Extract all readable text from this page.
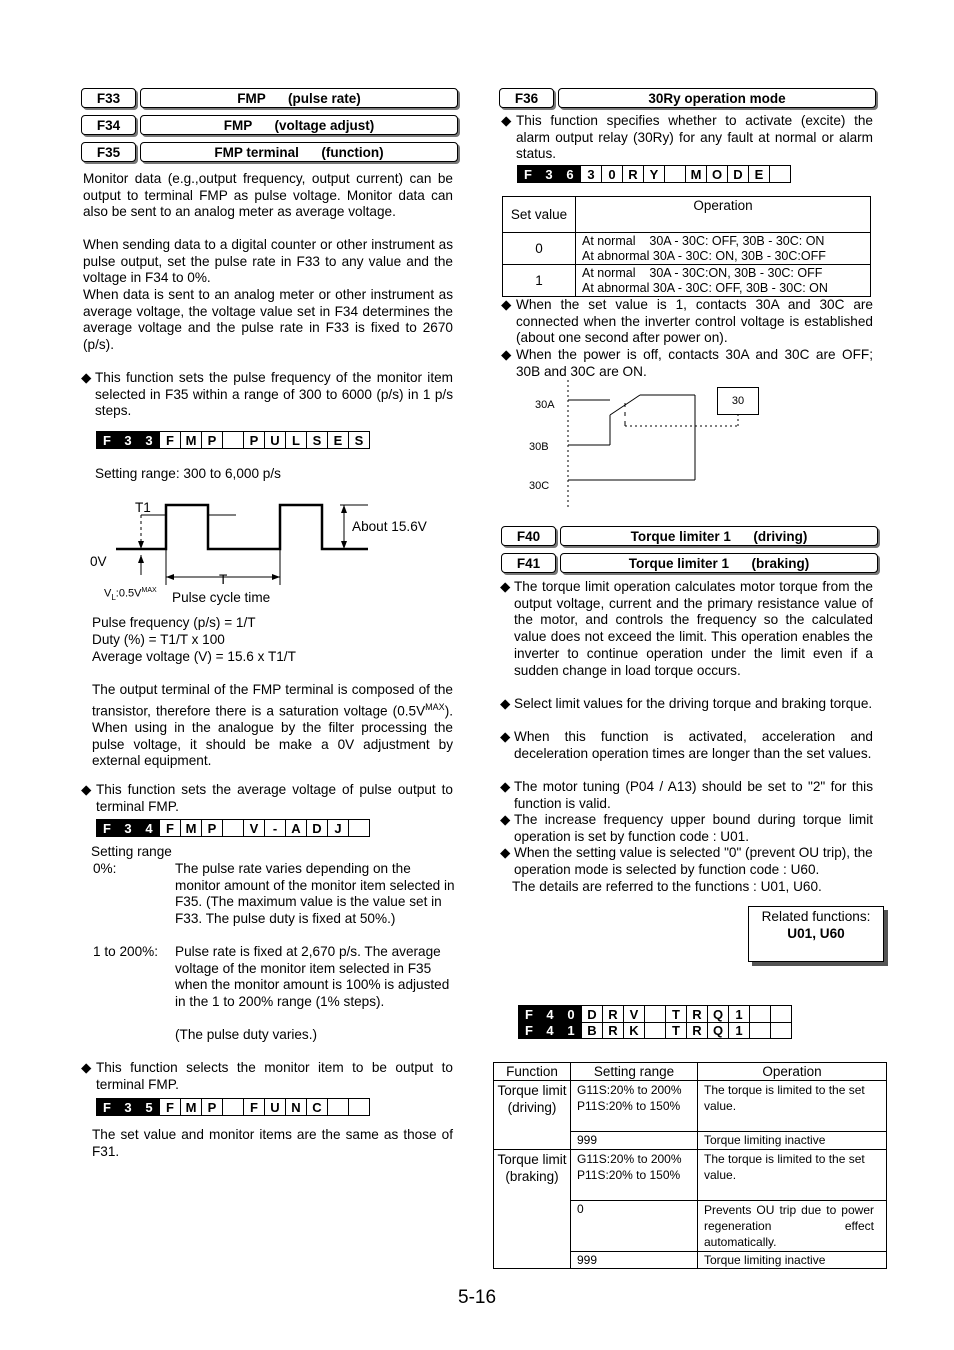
F33	FMP      (pulse rate)
F34	FMP      (voltage adjust)
F35	FMP terminal      (function)
Monitor data (e.g.,output frequency, output current) can be output to terminal FMP as pulse voltage. Monitor data can also be sent to an analog meter as average voltage.
When sending data to a digital counter or other instrument as pulse output, set the pulse rate in F33 to any value and the voltage in F34 to 0%.
When data is sent to an analog meter or other instrument as average voltage, the voltage value set in F34 determines the average voltage and the pulse rate in F33 is fixed to 2670 (p/s).
◆ This function sets the pulse frequency of the monitor item selected in F35 within a range of 300 to 6000 (p/s) in 1 p/s steps.
F	3	3	F M P	P U L S E S
Setting range: 300 to 6,000 p/s
T1
About 15.6V
0V
T
$V_L:0.5V^{MAX}$ Pulse cycle time
Pulse frequency (p/s) = 1/T
Duty (%) = T1/T x 100
Average voltage (V) = 15.6 x T1/T
The output terminal of the FMP terminal is composed of the transistor, therefore there is a saturation voltage $(0.5V^{MAX})$. When using in the analogue by the filter processing the pulse voltage, it should be make a 0V adjustment by external equipment.
◆ This function sets the average voltage of pulse output to terminal FMP.
F	3	4	F M P	V	-	A D J
Setting range
0%:	The pulse rate varies depending on the monitor amount of the monitor item selected in F35. (The maximum value is the value set in F33. The pulse duty is fixed at 50%.)
1 to 200%: Pulse rate is fixed at 2,670 p/s. The average voltage of the monitor item selected in F35 when the monitor amount is 100% is adjusted in the 1 to 200% range (1% steps).
(The pulse duty varies.)
◆ This function selects the monitor item to be output to terminal FMP.
F	3	5	F M P	F U N C
The set value and monitor items are the same as those of F31.
F36	30Ry operation mode
◆ This function specifies whether to activate (excite) the alarm output relay (30Ry) for any fault at normal or alarm status.
F	3	6	3	0 R Y	M O D E
Set value	Operation
0	At normal    30A - 30C: OFF, 30B - 30C: ON
At abnormal 30A - 30C: ON, 30B - 30C:OFF

1	At normal    30A - 30C:ON, 30B - 30C: OFF
At abnormal 30A - 30C: OFF, 30B - 30C: ON
◆ When the set value is 1, contacts 30A and 30C are connected when the inverter control voltage is established (about one second after power on).
◆ When the power is off, contacts 30A and 30C are OFF; 30B and 30C are ON.
30
30A
30B
30C
F40	Torque limiter 1      (driving)
F41	Torque limiter 1      (braking)
◆ The torque limit operation calculates motor torque from the output voltage, current and the primary resistance value of the motor, and controls the frequency so the calculated value does not exceed the limit. This operation enables the inverter to continue operation under the limit even if a sudden change in load torque occurs.
◆ Select limit values for the driving torque and braking torque.
◆ When this function is activated, acceleration and deceleration operation times are longer than the set values.
◆ The motor tuning (P04 / A13) should be set to "2" for this function is valid.
◆ The increase frequency upper bound during torque limit operation is set by function code : U01.
◆ When the setting value is selected "0" (prevent OU trip), the operation mode is selected by function code : U60.
The details are referred to the functions : U01, U60.
Related functions:
U01, U60
F	4	0 D R V	T R Q 1
F	4	1 B R K	T R Q 1
Function	Setting range	Operation
Torque limit (driving)	G11S:20% to 200%
P11S:20% to 150%	The torque is limited to the set value.
	999	Torque limiting inactive
Torque limit (braking)	G11S:20% to 200%
P11S:20% to 150%	The torque is limited to the set value.
	0	Prevents OU trip due to power regeneration effect automatically.
	999	Torque limiting inactive
5-16
